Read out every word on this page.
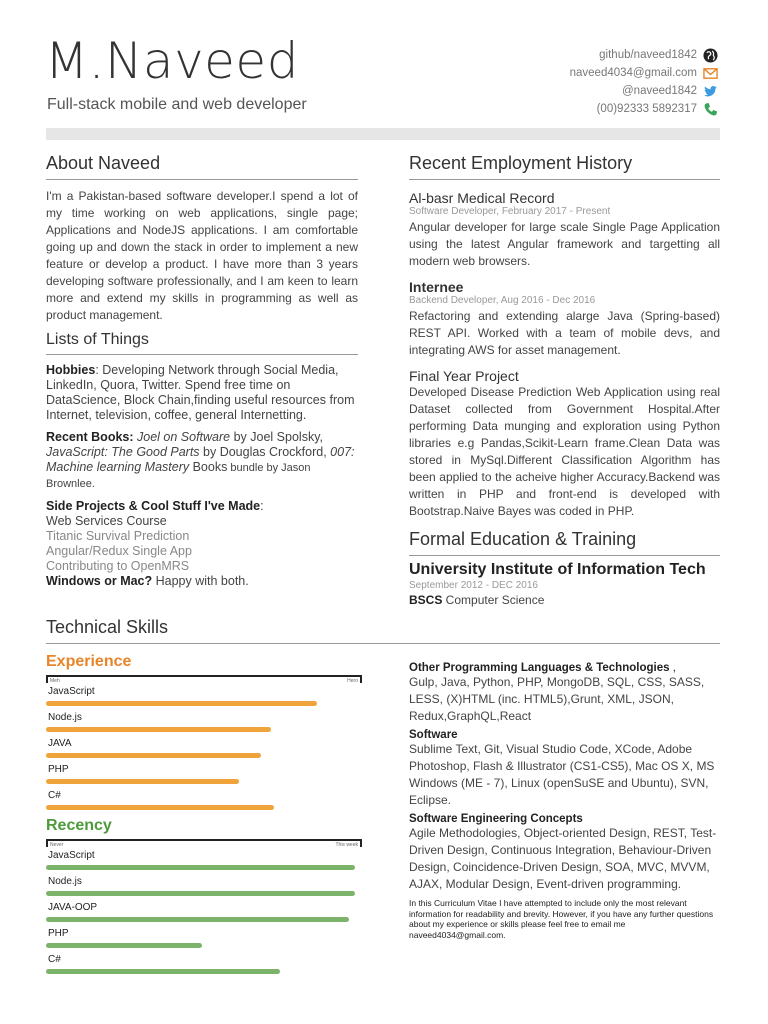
M.Naveed
Full-stack mobile and web developer
github/naveed1842
naveed4034@gmail.com
@naveed1842
(00)92333 5892317
About Naveed
I'm a Pakistan-based software developer.I spend a lot of my time working on web applications, single page; Applications and NodeJS applications. I am comfortable going up and down the stack in order to implement a new feature or develop a product. I have more than 3 years developing software professionally, and I am keen to learn more and extend my skills in programming as well as product management.
Lists of Things
Hobbies: Developing Network through Social Media, LinkedIn, Quora, Twitter. Spend free time on DataScience, Block Chain,finding useful resources from Internet, television, coffee, general Internetting.
Recent Books: Joel on Software by Joel Spolsky, JavaScript: The Good Parts by Douglas Crockford, 007: Machine learning Mastery Books bundle by Jason Brownlee.
Side Projects & Cool Stuff I've Made:
Web Services Course
Titanic Survival Prediction
Angular/Redux Single App
Contributing to OpenMRS
Windows or Mac? Happy with both.
Recent Employment History
Al-basr Medical Record
Software Developer, February 2017 - Present
Angular developer for large scale Single Page Application using the latest Angular framework and targetting all modern web browsers.
Internee
Backend Developer, Aug 2016 - Dec 2016
Refactoring and extending alarge Java (Spring-based) REST API. Worked with a team of mobile devs, and integrating AWS for asset management.
Final Year Project
Developed Disease Prediction Web Application using real Dataset collected from Government Hospital.After performing Data munging and exploration using Python libraries e.g Pandas,Scikit-Learn frame.Clean Data was stored in MySql.Different Classification Algorithm has been applied to the acheive higher Accuracy.Backend was written in PHP and front-end is developed with Bootstrap.Naive Bayes was coded in PHP.
Formal Education & Training
University Institute of Information Tech
September 2012 - DEC 2016
BSCS Computer Science
Technical Skills
Experience
Meh	Hero
JavaScript
Node.js
JAVA
PHP
C#
Recency
Never	This week
JavaScript
Node.js
JAVA-OOP
PHP
C#
Other Programming Languages & Technologies ,
Gulp, Java, Python, PHP, MongoDB, SQL, CSS, SASS, LESS, (X)HTML (inc. HTML5),Grunt, XML, JSON, Redux,GraphQL,React
Software
Sublime Text, Git, Visual Studio Code, XCode, Adobe Photoshop, Flash & Illustrator (CS1-CS5), Mac OS X, MS Windows (ME - 7), Linux (openSuSE and Ubuntu), SVN, Eclipse.
Software Engineering Concepts
Agile Methodologies, Object-oriented Design, REST, Test-Driven Design, Continuous Integration, Behaviour-Driven Design, Coincidence-Driven Design, SOA, MVC, MVVM, AJAX, Modular Design, Event-driven programming.
In this Curriculum Vitae I have attempted to include only the most relevant information for readability and brevity. However, if you have any further questions about my experience or skills please feel free to email me naveed4034@gmail.com.
